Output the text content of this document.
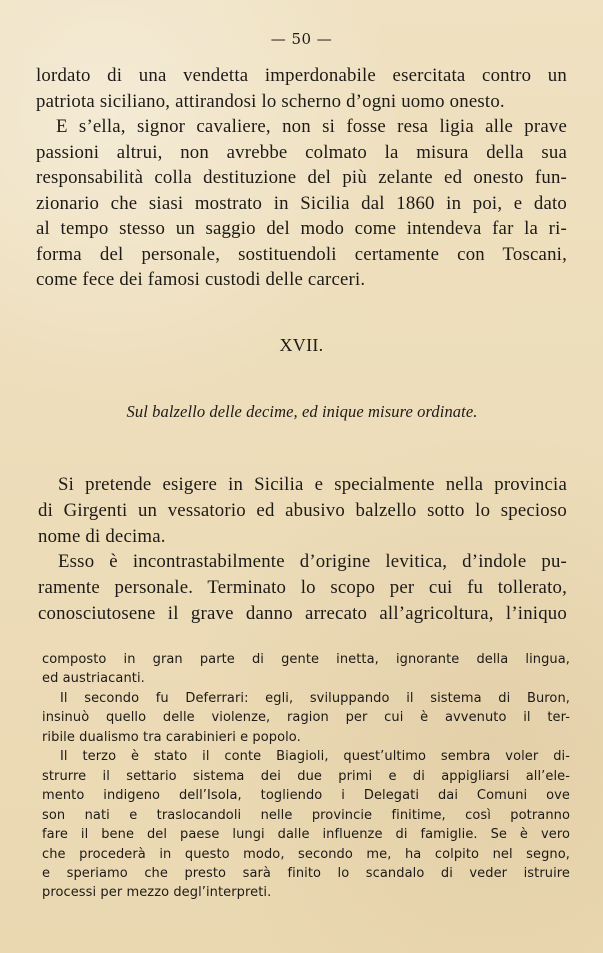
— 50 —
lordato di una vendetta imperdonabile esercitata contro un
patriota siciliano, attirandosi lo scherno d’ogni uomo onesto.
E s’ella, signor cavaliere, non si fosse resa ligia alle prave
passioni altrui, non avrebbe colmato la misura della sua
responsabilità colla destituzione del più zelante ed onesto fun-
zionario che siasi mostrato in Sicilia dal 1860 in poi, e dato
al tempo stesso un saggio del modo come intendeva far la ri-
forma del personale, sostituendoli certamente con Toscani,
come fece dei famosi custodi delle carceri.
XVII.
Sul balzello delle decime, ed inique misure ordinate.
Si pretende esigere in Sicilia e specialmente nella provincia
di Girgenti un vessatorio ed abusivo balzello sotto lo specioso
nome di decima.
Esso è incontrastabilmente d’origine levitica, d’indole pu-
ramente personale. Terminato lo scopo per cui fu tollerato,
conosciutosene il grave danno arrecato all’agricoltura, l’iniquo
composto in gran parte di gente inetta, ignorante della lingua,
ed austriacanti.
Il secondo fu Deferrari: egli, sviluppando il sistema di Buron,
insinuò quello delle violenze, ragion per cui è avvenuto il ter-
ribile dualismo tra carabinieri e popolo.
Il terzo è stato il conte Biagioli, quest’ultimo sembra voler di-
strurre il settario sistema dei due primi e di appigliarsi all’ele-
mento indigeno dell’Isola, togliendo i Delegati dai Comuni ove
son nati e traslocandoli nelle provincie finitime, così potranno
fare il bene del paese lungi dalle influenze di famiglie. Se è vero
che procederà in questo modo, secondo me, ha colpito nel segno,
e speriamo che presto sarà finito lo scandalo di veder istruire
processi per mezzo degl’interpreti.
